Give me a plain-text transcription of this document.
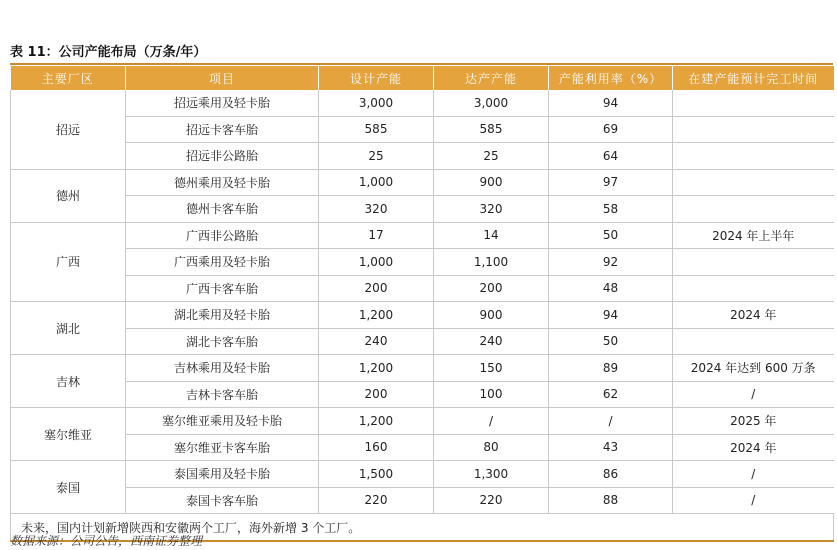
表 11：公司产能布局（万条/年）
主要厂区	项目	设计产能	达产产能	产能利用率（%）	在建产能预计完工时间
招远	招远乘用及轻卡胎	3,000	3,000	94	
	招远卡客车胎	585	585	69	
	招远非公路胎	25	25	64	
德州	德州乘用及轻卡胎	1,000	900	97	
	德州卡客车胎	320	320	58	
广西	广西非公路胎	17	14	50	2024 年上半年
	广西乘用及轻卡胎	1,000	1,100	92	
	广西卡客车胎	200	200	48	
湖北	湖北乘用及轻卡胎	1,200	900	94	2024 年
	湖北卡客车胎	240	240	50	
吉林	吉林乘用及轻卡胎	1,200	150	89	2024 年达到 600 万条
	吉林卡客车胎	200	100	62	/
塞尔维亚	塞尔维亚乘用及轻卡胎	1,200	/	/	2025 年
	塞尔维亚卡客车胎	160	80	43	2024 年
泰国	泰国乘用及轻卡胎	1,500	1,300	86	/
	泰国卡客车胎	220	220	88	/
未来，国内计划新增陕西和安徽两个工厂，海外新增 3 个工厂。					
数据来源：公司公告，西南证券整理
